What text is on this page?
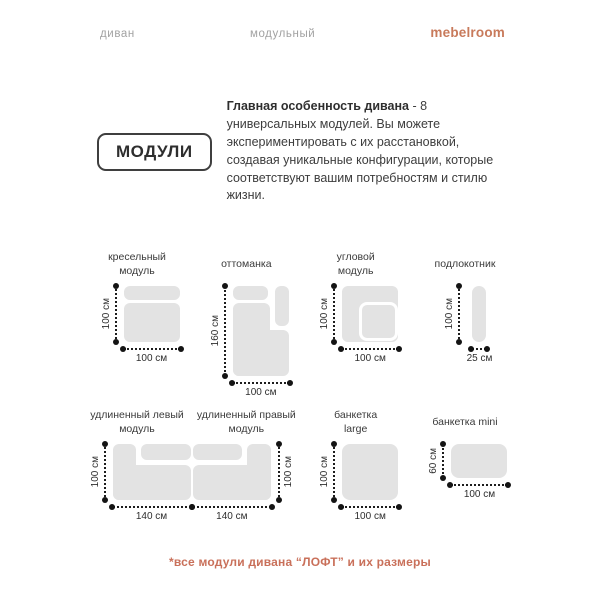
диван	модульный	mebelroom
МОДУЛИ

Главная особенность дивана - 8 универсальных модулей. Вы можете экспериментировать с их расстановкой, создавая уникальные конфигурации, которые соответствуют вашим потребностям и стилю жизни.

кресельный
модуль
100 см
100 см
оттоманка
160 см
100 см
угловой
модуль
100 см
100 см
подлокотник
100 см
25 см
удлиненный левый
модуль
100 см
140 см
удлиненный правый
модуль
100 см
140 см
банкетка
large
100 см
100 см
банкетка mini
60 см
100 см
*все модули дивана “ЛОФТ” и их размеры
